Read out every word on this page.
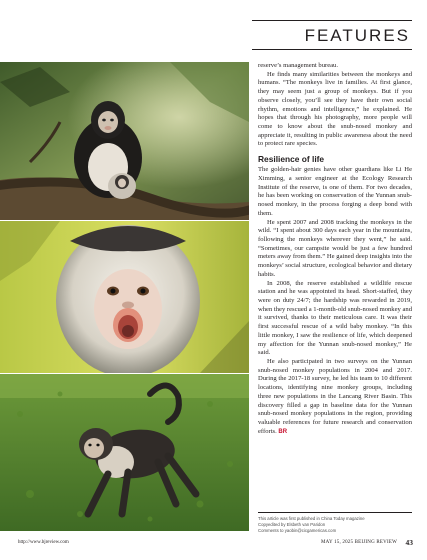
FEATURES

reserve’s management bureau.

He finds many similarities between the monkeys and humans. “The monkeys live in families. At first glance, they may seem just a group of monkeys. But if you observe closely, you’ll see they have their own social rhythm, emotions and intelligence,” he explained. He hopes that through his photography, more people will come to know about the snub-nosed monkey and appreciate it, resulting in public awareness about the need to protect rare species.

Resilience of life

The golden-hair genies have other guardians like Li He Ximming, a senior engineer at the Ecology Research Institute of the reserve, is one of them. For two decades, he has been working on conservation of the Yunnan snub-nosed monkey, in the process forging a deep bond with them.

He spent 2007 and 2008 tracking the monkeys in the wild. “I spent about 300 days each year in the mountains, following the monkeys wherever they went,” he said. “Sometimes, our campsite would be just a few hundred meters away from them.” He gained deep insights into the monkeys’ social structure, ecological behavior and dietary habits.

In 2008, the reserve established a wildlife rescue station and he was appointed its head. Short-staffed, they were on duty 24/7; the hardship was rewarded in 2019, when they rescued a 1-month-old snub-nosed monkey and it survived, thanks to their meticulous care. It was their first successful rescue of a wild baby monkey. “In this little monkey, I saw the resilience of life, which deepened my affection for the Yunnan snub-nosed monkey,” He said.

He also participated in two surveys on the Yunnan snub-nosed monkey populations in 2004 and 2017. During the 2017-18 survey, he led his team to 10 different locations, identifying nine monkey groups, including three new populations in the Lancang River Basin. This discovery filled a gap in baseline data for the Yunnan snub-nosed monkey populations in the region, providing valuable references for future research and conservation efforts. BR

This article was first published in China Today magazine
Copyedited by Elsbeth van Paridon
Comments to yaobin@cicgamericas.com
http://www.bjreview.com	MAY 15, 2025 BEIJING REVIEW 43
